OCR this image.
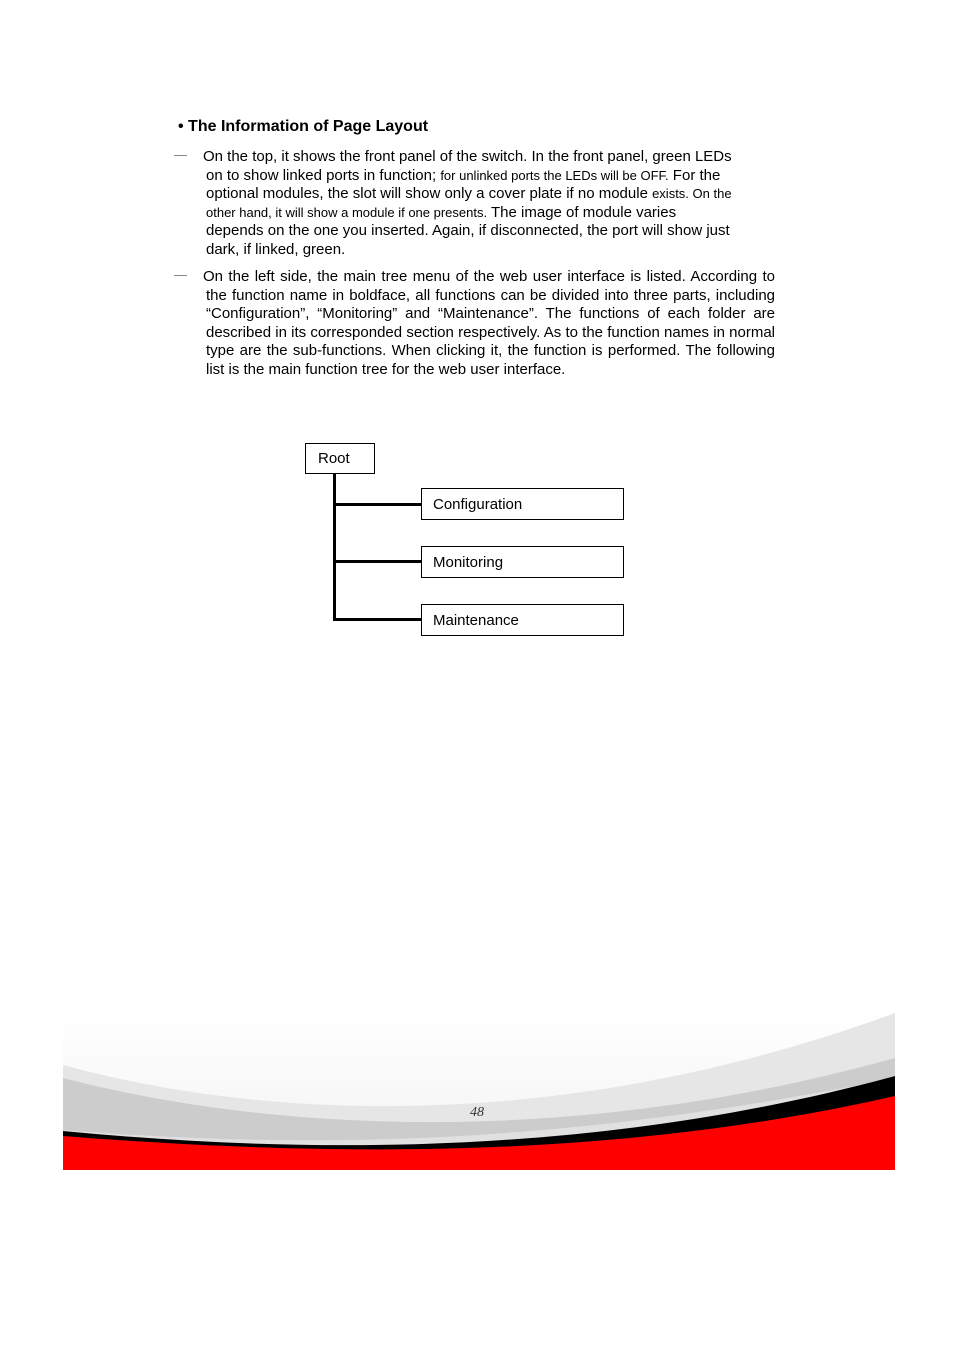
• The Information of Page Layout

— On the top, it shows the front panel of the switch. In the front panel, green LEDs
on to show linked ports in function; for unlinked ports the LEDs will be OFF. For the
optional modules, the slot will show only a cover plate if no module exists. On the
other hand, it will show a module if one presents. The image of module varies
depends on the one you inserted. Again, if disconnected, the port will show just
dark, if linked, green.

— On the left side, the main tree menu of the web user interface is listed. According to the function name in boldface, all functions can be divided into three parts, including “Configuration”, “Monitoring” and “Maintenance”. The functions of each folder are described in its corresponded section respectively. As to the function names in normal type are the sub-functions. When clicking it, the function is performed. The following list is the main function tree for the web user interface.

Root
Configuration
Monitoring
Maintenance
48
